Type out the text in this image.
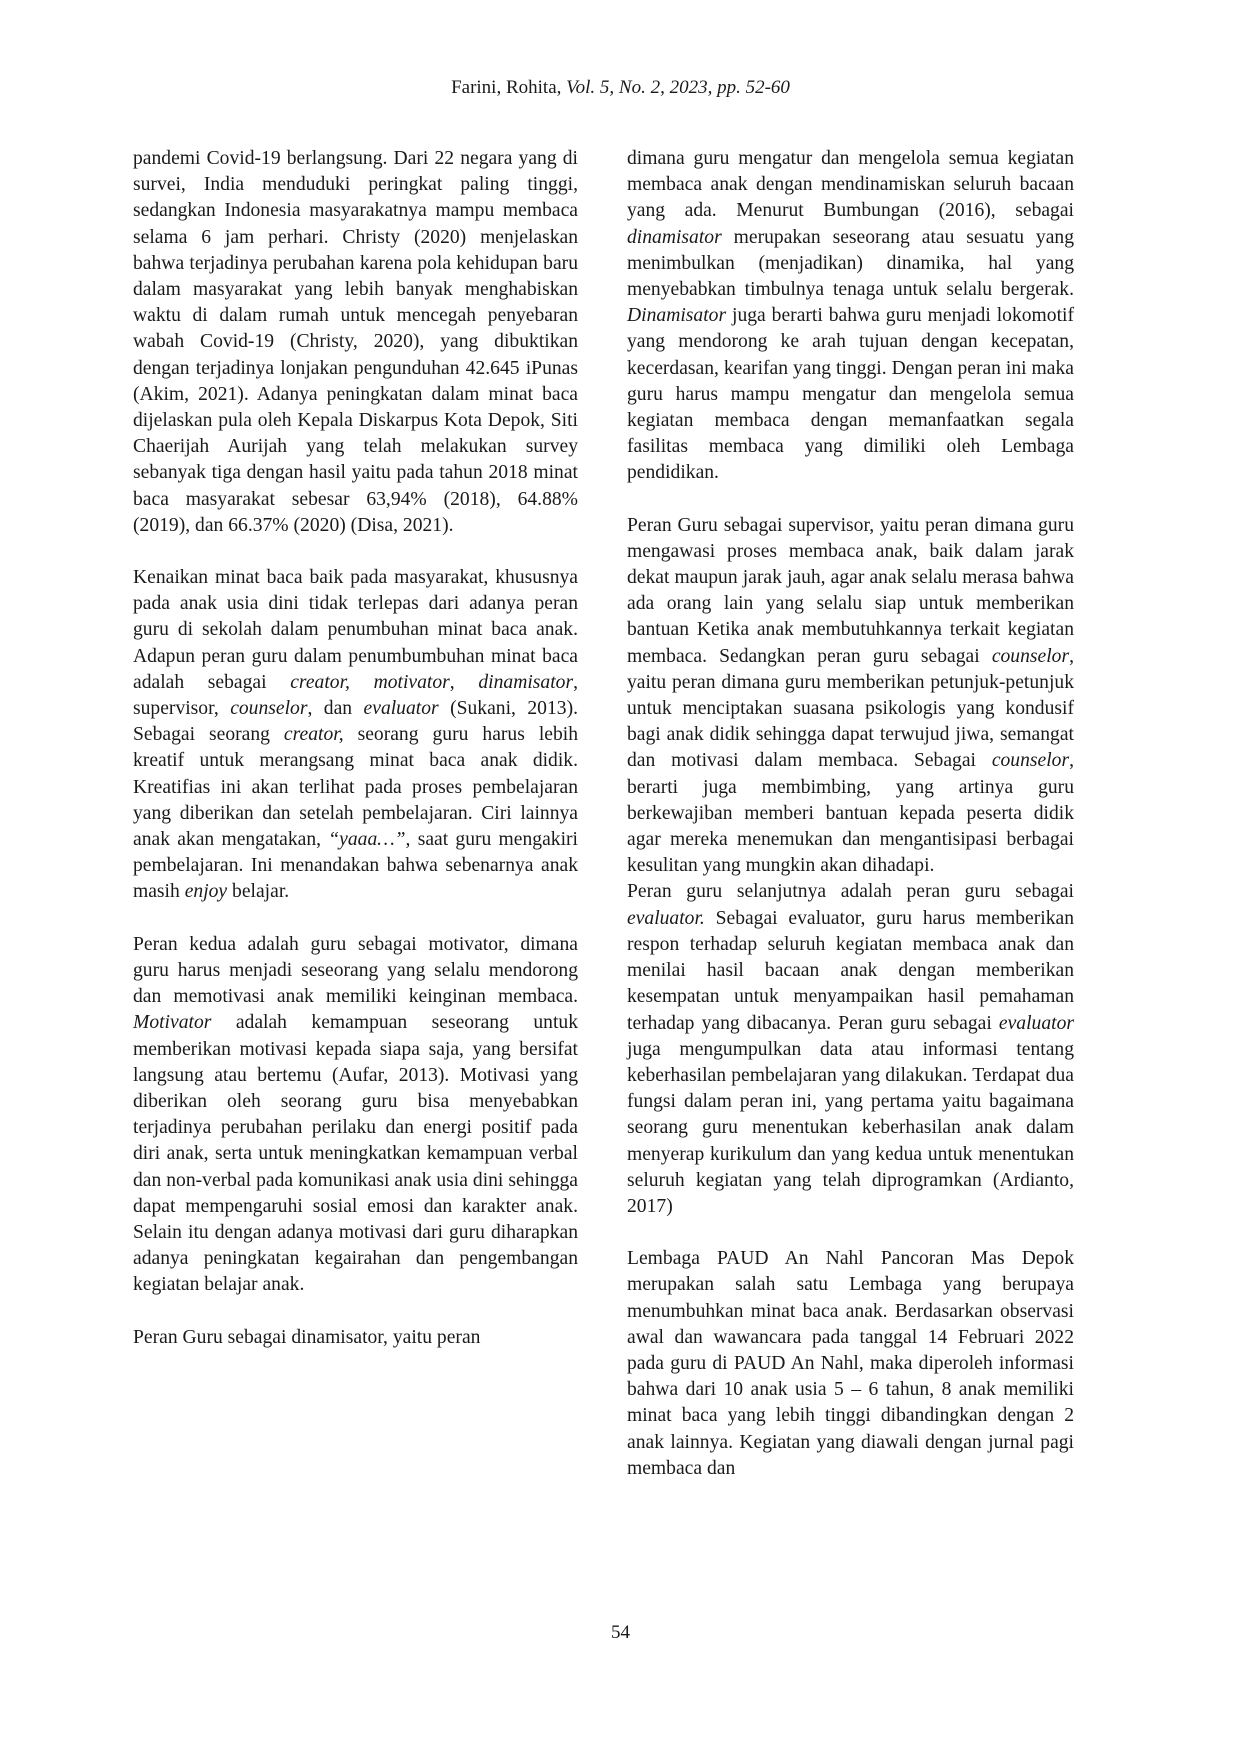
Farini, Rohita, Vol. 5, No. 2, 2023, pp. 52-60

pandemi Covid-19 berlangsung. Dari 22 negara yang di survei, India menduduki peringkat paling tinggi, sedangkan Indonesia masyarakatnya mampu membaca selama 6 jam perhari. Christy (2020) menjelaskan bahwa terjadinya perubahan karena pola kehidupan baru dalam masyarakat yang lebih banyak menghabiskan waktu di dalam rumah untuk mencegah penyebaran wabah Covid-19 (Christy, 2020), yang dibuktikan dengan terjadinya lonjakan pengunduhan 42.645 iPunas (Akim, 2021). Adanya peningkatan dalam minat baca dijelaskan pula oleh Kepala Diskarpus Kota Depok, Siti Chaerijah Aurijah yang telah melakukan survey sebanyak tiga dengan hasil yaitu pada tahun 2018 minat baca masyarakat sebesar 63,94% (2018), 64.88% (2019), dan 66.37% (2020) (Disa, 2021).

Kenaikan minat baca baik pada masyarakat, khususnya pada anak usia dini tidak terlepas dari adanya peran guru di sekolah dalam penumbuhan minat baca anak. Adapun peran guru dalam penumbumbuhan minat baca adalah sebagai creator, motivator, dinamisator, supervisor, counselor, dan evaluator (Sukani, 2013). Sebagai seorang creator, seorang guru harus lebih kreatif untuk merangsang minat baca anak didik. Kreatifias ini akan terlihat pada proses pembelajaran yang diberikan dan setelah pembelajaran. Ciri lainnya anak akan mengatakan, “yaaa…”, saat guru mengakiri pembelajaran. Ini menandakan bahwa sebenarnya anak masih enjoy belajar.

Peran kedua adalah guru sebagai motivator, dimana guru harus menjadi seseorang yang selalu mendorong dan memotivasi anak memiliki keinginan membaca. Motivator adalah kemampuan seseorang untuk memberikan motivasi kepada siapa saja, yang bersifat langsung atau bertemu (Aufar, 2013). Motivasi yang diberikan oleh seorang guru bisa menyebabkan terjadinya perubahan perilaku dan energi positif pada diri anak, serta untuk meningkatkan kemampuan verbal dan non-verbal pada komunikasi anak usia dini sehingga dapat mempengaruhi sosial emosi dan karakter anak. Selain itu dengan adanya motivasi dari guru diharapkan adanya peningkatan kegairahan dan pengembangan kegiatan belajar anak.

Peran Guru sebagai dinamisator, yaitu peran

dimana guru mengatur dan mengelola semua kegiatan membaca anak dengan mendinamiskan seluruh bacaan yang ada. Menurut Bumbungan (2016), sebagai dinamisator merupakan seseorang atau sesuatu yang menimbulkan (menjadikan) dinamika, hal yang menyebabkan timbulnya tenaga untuk selalu bergerak. Dinamisator juga berarti bahwa guru menjadi lokomotif yang mendorong ke arah tujuan dengan kecepatan, kecerdasan, kearifan yang tinggi. Dengan peran ini maka guru harus mampu mengatur dan mengelola semua kegiatan membaca dengan memanfaatkan segala fasilitas membaca yang dimiliki oleh Lembaga pendidikan.

Peran Guru sebagai supervisor, yaitu peran dimana guru mengawasi proses membaca anak, baik dalam jarak dekat maupun jarak jauh, agar anak selalu merasa bahwa ada orang lain yang selalu siap untuk memberikan bantuan Ketika anak membutuhkannya terkait kegiatan membaca. Sedangkan peran guru sebagai counselor, yaitu peran dimana guru memberikan petunjuk-petunjuk untuk menciptakan suasana psikologis yang kondusif bagi anak didik sehingga dapat terwujud jiwa, semangat dan motivasi dalam membaca. Sebagai counselor, berarti juga membimbing, yang artinya guru berkewajiban memberi bantuan kepada peserta didik agar mereka menemukan dan mengantisipasi berbagai kesulitan yang mungkin akan dihadapi.

Peran guru selanjutnya adalah peran guru sebagai evaluator. Sebagai evaluator, guru harus memberikan respon terhadap seluruh kegiatan membaca anak dan menilai hasil bacaan anak dengan memberikan kesempatan untuk menyampaikan hasil pemahaman terhadap yang dibacanya. Peran guru sebagai evaluator juga mengumpulkan data atau informasi tentang keberhasilan pembelajaran yang dilakukan. Terdapat dua fungsi dalam peran ini, yang pertama yaitu bagaimana seorang guru menentukan keberhasilan anak dalam menyerap kurikulum dan yang kedua untuk menentukan seluruh kegiatan yang telah diprogramkan (Ardianto, 2017)

Lembaga PAUD An Nahl Pancoran Mas Depok merupakan salah satu Lembaga yang berupaya menumbuhkan minat baca anak. Berdasarkan observasi awal dan wawancara pada tanggal 14 Februari 2022 pada guru di PAUD An Nahl, maka diperoleh informasi bahwa dari 10 anak usia 5 – 6 tahun, 8 anak memiliki minat baca yang lebih tinggi dibandingkan dengan 2 anak lainnya. Kegiatan yang diawali dengan jurnal pagi membaca dan

54
